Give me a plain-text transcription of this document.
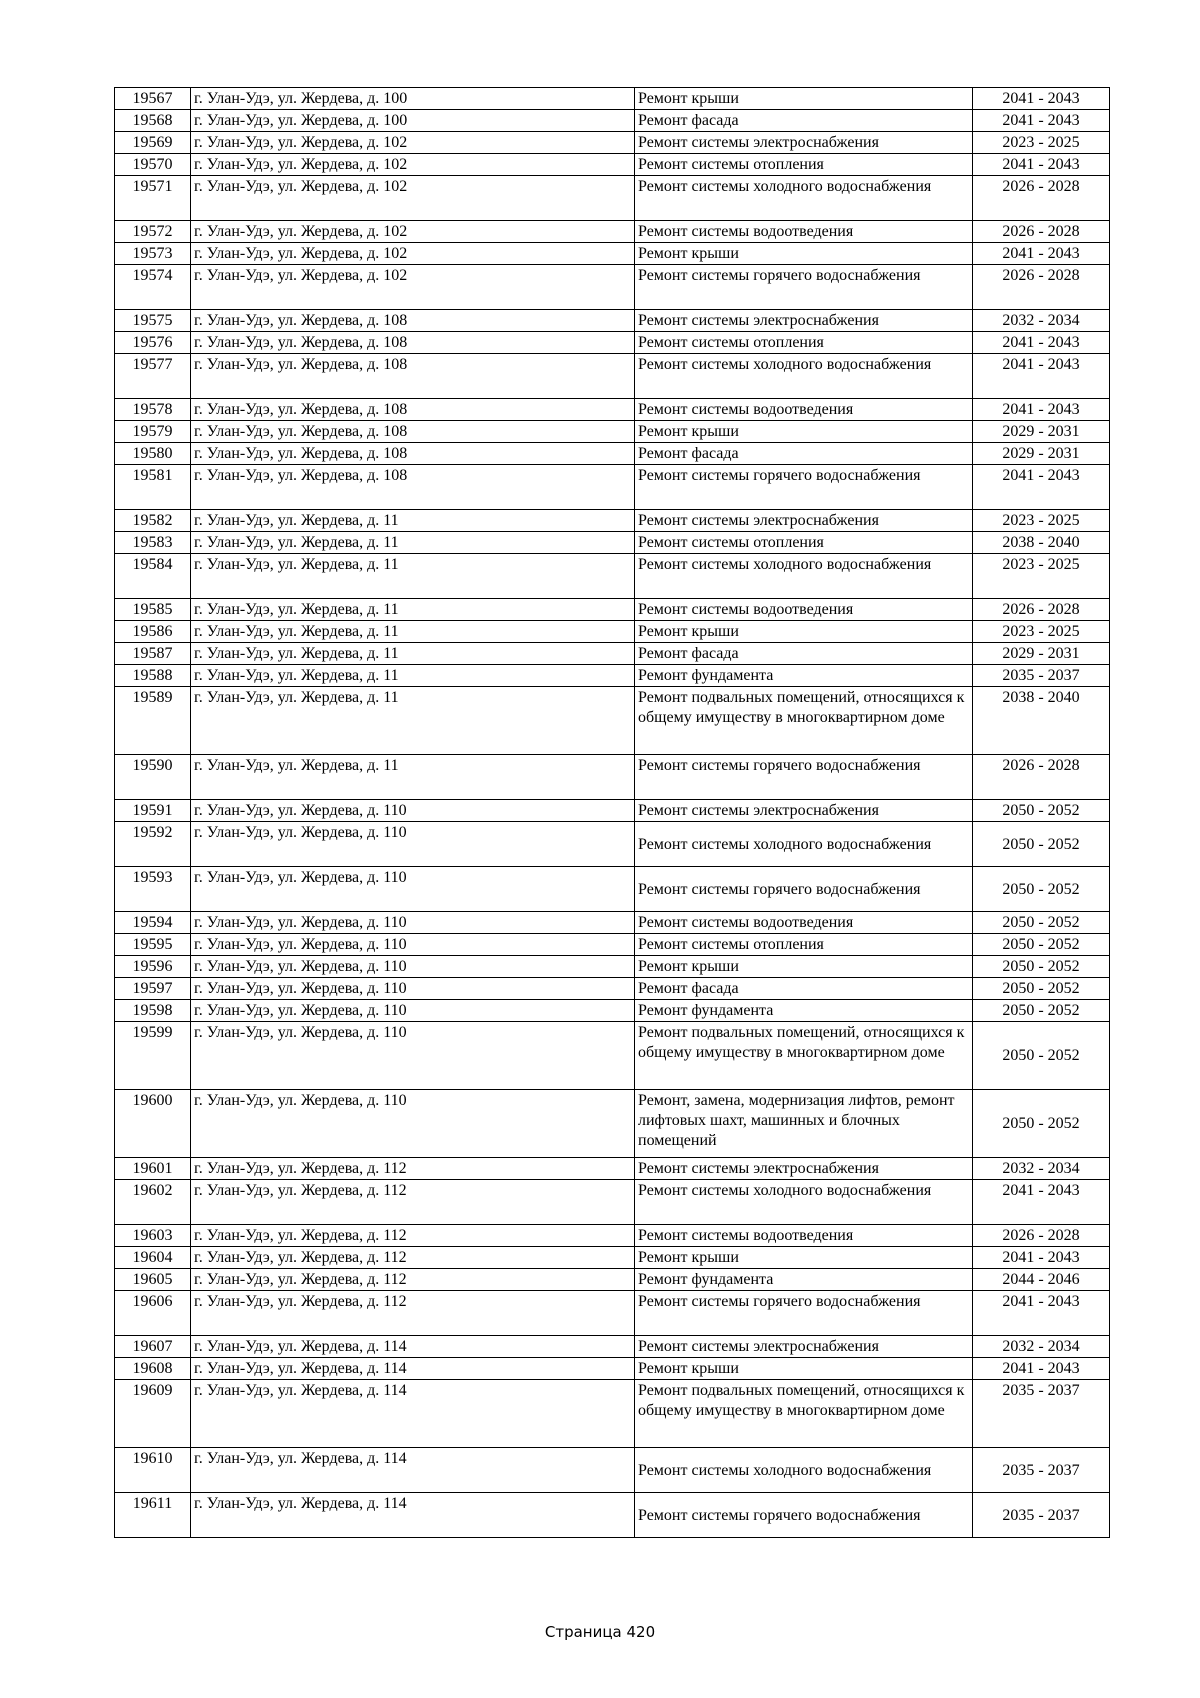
19567	г. Улан-Удэ, ул. Жердева, д. 100	Ремонт крыши	2041 - 2043
19568	г. Улан-Удэ, ул. Жердева, д. 100	Ремонт фасада	2041 - 2043
19569	г. Улан-Удэ, ул. Жердева, д. 102	Ремонт системы электроснабжения	2023 - 2025
19570	г. Улан-Удэ, ул. Жердева, д. 102	Ремонт системы отопления	2041 - 2043
19571	г. Улан-Удэ, ул. Жердева, д. 102	Ремонт системы холодного водоснабжения	2026 - 2028
19572	г. Улан-Удэ, ул. Жердева, д. 102	Ремонт системы водоотведения	2026 - 2028
19573	г. Улан-Удэ, ул. Жердева, д. 102	Ремонт крыши	2041 - 2043
19574	г. Улан-Удэ, ул. Жердева, д. 102	Ремонт системы горячего водоснабжения	2026 - 2028
19575	г. Улан-Удэ, ул. Жердева, д. 108	Ремонт системы электроснабжения	2032 - 2034
19576	г. Улан-Удэ, ул. Жердева, д. 108	Ремонт системы отопления	2041 - 2043
19577	г. Улан-Удэ, ул. Жердева, д. 108	Ремонт системы холодного водоснабжения	2041 - 2043
19578	г. Улан-Удэ, ул. Жердева, д. 108	Ремонт системы водоотведения	2041 - 2043
19579	г. Улан-Удэ, ул. Жердева, д. 108	Ремонт крыши	2029 - 2031
19580	г. Улан-Удэ, ул. Жердева, д. 108	Ремонт фасада	2029 - 2031
19581	г. Улан-Удэ, ул. Жердева, д. 108	Ремонт системы горячего водоснабжения	2041 - 2043
19582	г. Улан-Удэ, ул. Жердева, д. 11	Ремонт системы электроснабжения	2023 - 2025
19583	г. Улан-Удэ, ул. Жердева, д. 11	Ремонт системы отопления	2038 - 2040
19584	г. Улан-Удэ, ул. Жердева, д. 11	Ремонт системы холодного водоснабжения	2023 - 2025
19585	г. Улан-Удэ, ул. Жердева, д. 11	Ремонт системы водоотведения	2026 - 2028
19586	г. Улан-Удэ, ул. Жердева, д. 11	Ремонт крыши	2023 - 2025
19587	г. Улан-Удэ, ул. Жердева, д. 11	Ремонт фасада	2029 - 2031
19588	г. Улан-Удэ, ул. Жердева, д. 11	Ремонт фундамента	2035 - 2037
19589	г. Улан-Удэ, ул. Жердева, д. 11	Ремонт подвальных помещений, относящихся к общему имуществу в многоквартирном доме	2038 - 2040
19590	г. Улан-Удэ, ул. Жердева, д. 11	Ремонт системы горячего водоснабжения	2026 - 2028
19591	г. Улан-Удэ, ул. Жердева, д. 110	Ремонт системы электроснабжения	2050 - 2052
19592	г. Улан-Удэ, ул. Жердева, д. 110	Ремонт системы холодного водоснабжения	2050 - 2052
19593	г. Улан-Удэ, ул. Жердева, д. 110	Ремонт системы горячего водоснабжения	2050 - 2052
19594	г. Улан-Удэ, ул. Жердева, д. 110	Ремонт системы водоотведения	2050 - 2052
19595	г. Улан-Удэ, ул. Жердева, д. 110	Ремонт системы отопления	2050 - 2052
19596	г. Улан-Удэ, ул. Жердева, д. 110	Ремонт крыши	2050 - 2052
19597	г. Улан-Удэ, ул. Жердева, д. 110	Ремонт фасада	2050 - 2052
19598	г. Улан-Удэ, ул. Жердева, д. 110	Ремонт фундамента	2050 - 2052
19599	г. Улан-Удэ, ул. Жердева, д. 110	Ремонт подвальных помещений, относящихся к общему имуществу в многоквартирном доме	2050 - 2052
19600	г. Улан-Удэ, ул. Жердева, д. 110	Ремонт, замена, модернизация лифтов, ремонт лифтовых шахт, машинных и блочных помещений	2050 - 2052
19601	г. Улан-Удэ, ул. Жердева, д. 112	Ремонт системы электроснабжения	2032 - 2034
19602	г. Улан-Удэ, ул. Жердева, д. 112	Ремонт системы холодного водоснабжения	2041 - 2043
19603	г. Улан-Удэ, ул. Жердева, д. 112	Ремонт системы водоотведения	2026 - 2028
19604	г. Улан-Удэ, ул. Жердева, д. 112	Ремонт крыши	2041 - 2043
19605	г. Улан-Удэ, ул. Жердева, д. 112	Ремонт фундамента	2044 - 2046
19606	г. Улан-Удэ, ул. Жердева, д. 112	Ремонт системы горячего водоснабжения	2041 - 2043
19607	г. Улан-Удэ, ул. Жердева, д. 114	Ремонт системы электроснабжения	2032 - 2034
19608	г. Улан-Удэ, ул. Жердева, д. 114	Ремонт крыши	2041 - 2043
19609	г. Улан-Удэ, ул. Жердева, д. 114	Ремонт подвальных помещений, относящихся к общему имуществу в многоквартирном доме	2035 - 2037
19610	г. Улан-Удэ, ул. Жердева, д. 114	Ремонт системы холодного водоснабжения	2035 - 2037
19611	г. Улан-Удэ, ул. Жердева, д. 114	Ремонт системы горячего водоснабжения	2035 - 2037
Страница 420
